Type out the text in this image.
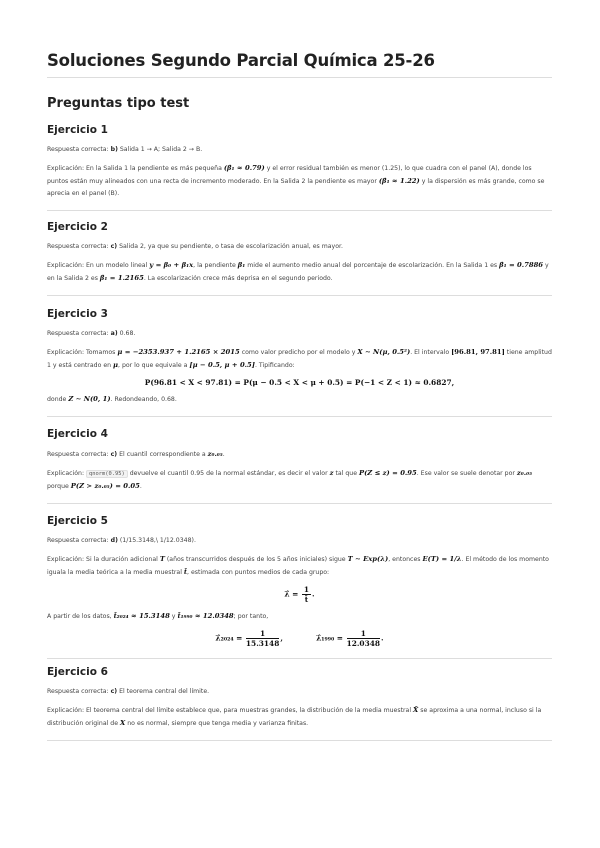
Soluciones Segundo Parcial Química 25-26
Preguntas tipo test
Ejercicio 1

Respuesta correcta: b) Salida 1 → A; Salida 2 → B.

Explicación: En la Salida 1 la pendiente es más pequeña (β̂₁ ≈ 0.79) y el error residual también es menor (1.25), lo que cuadra con el panel (A), donde los puntos están muy alineados con una recta de incremento moderado. En la Salida 2 la pendiente es mayor (β̂₁ ≈ 1.22) y la dispersión es más grande, como se aprecia en el panel (B).

Ejercicio 2

Respuesta correcta: c) Salida 2, ya que su pendiente, o tasa de escolarización anual, es mayor.

Explicación: En un modelo lineal y = β₀ + β₁x, la pendiente β₁ mide el aumento medio anual del porcentaje de escolarización. En la Salida 1 es β̂₁ = 0.7886 y en la Salida 2 es β̂₁ = 1.2165. La escolarización crece más deprisa en el segundo periodo.

Ejercicio 3

Respuesta correcta: a) 0.68.

Explicación: Tomamos μ = −2353.937 + 1.2165 × 2015 como valor predicho por el modelo y X ∼ N(μ, 0.5²). El intervalo [96.81, 97.81] tiene amplitud 1 y está centrado en μ, por lo que equivale a [μ − 0.5, μ + 0.5]. Tipificando:

P(96.81 < X < 97.81) = P(μ − 0.5 < X < μ + 0.5) = P(−1 < Z < 1) ≈ 0.6827,

donde Z ∼ N(0, 1). Redondeando, 0.68.

Ejercicio 4

Respuesta correcta: c) El cuantil correspondiente a z₀.₀₅.

Explicación: qnorm(0.95) devuelve el cuantil 0.95 de la normal estándar, es decir el valor z tal que P(Z ≤ z) = 0.95. Ese valor se suele denotar por z₀.₀₅ porque P(Z > z₀.₀₅) = 0.05.

Ejercicio 5

Respuesta correcta: d) (1/15.3148,\ 1/12.0348).

Explicación: Si la duración adicional T (años transcurridos después de los 5 años iniciales) sigue T ∼ Exp(λ), entonces E(T) = 1/λ. El método de los momento iguala la media teórica a la media muestral t̄, estimada con puntos medios de cada grupo:

λ̂ = $\frac{1}{t̄}$ .

A partir de los datos, t̄₂₀₂₄ ≈ 15.3148 y t̄₁₉₉₀ ≈ 12.0348; por tanto,

λ̂₂₀₂₄ = $\frac{1}{15.3148}$ ,	λ̂₁₉₉₀ = $\frac{1}{12.0348}$ .
Ejercicio 6

Respuesta correcta: c) El teorema central del límite.

Explicación: El teorema central del límite establece que, para muestras grandes, la distribución de la media muestral X̄ se aproxima a una normal, incluso si la distribución original de X no es normal, siempre que tenga media y varianza finitas.
